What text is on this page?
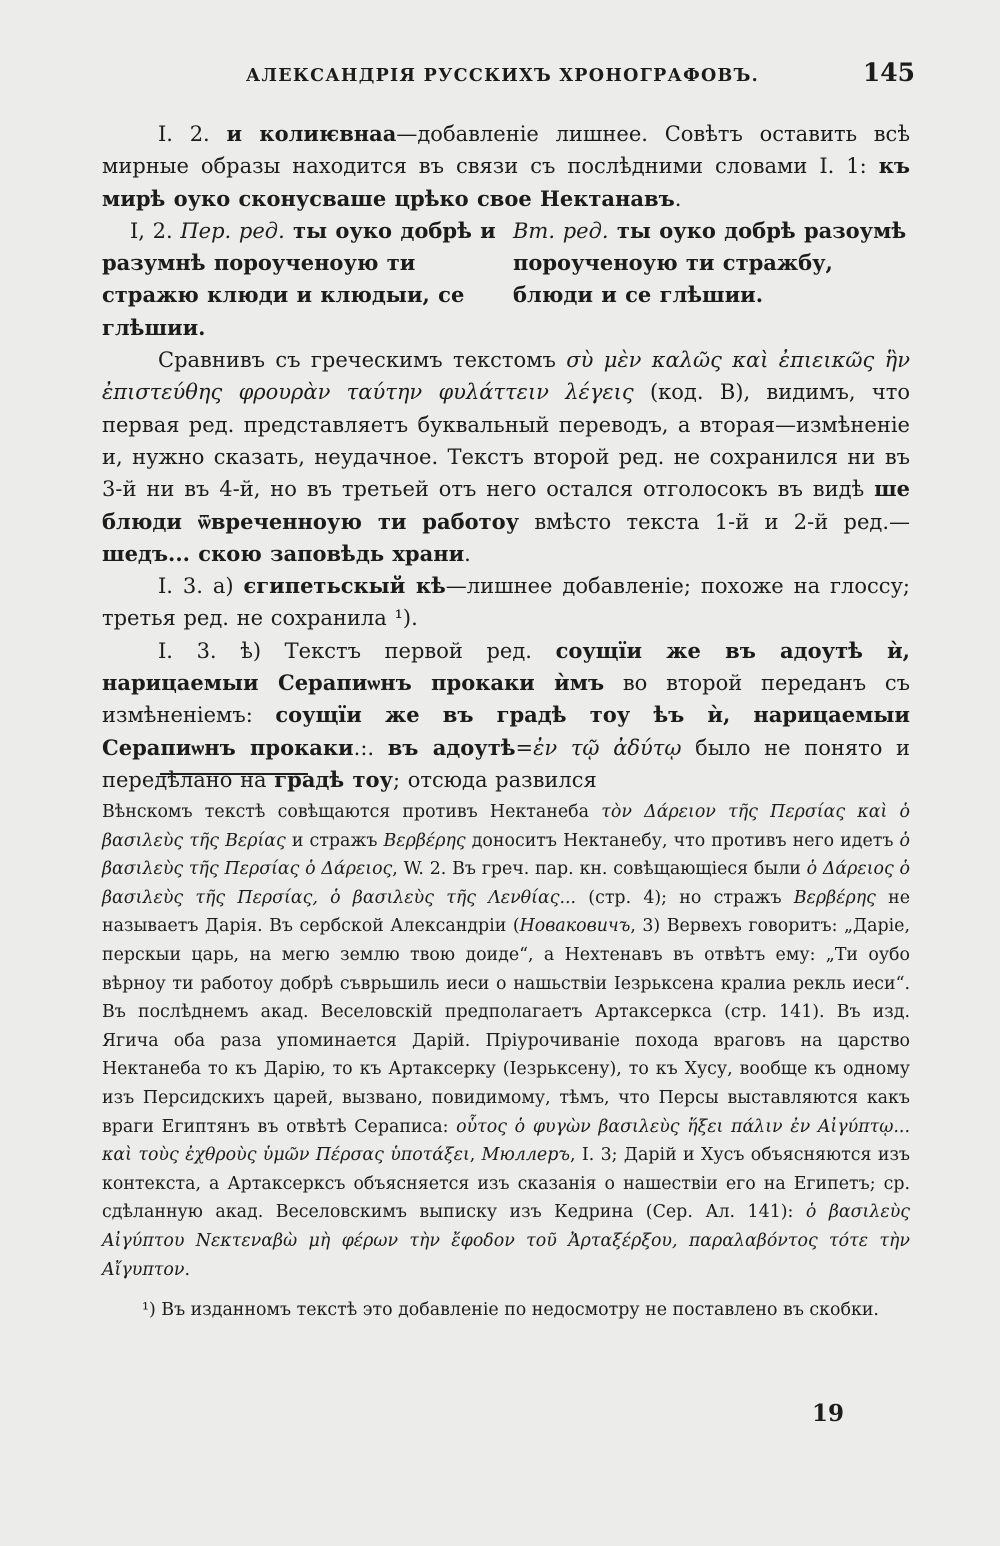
АЛЕКСАНДРІЯ РУССКИХЪ ХРОНОГРАФОВЪ.	145

I. 2. и колиѥвнаа—добавленіе лишнее. Совѣтъ оставить всѣ мирные образы находится въ связи съ послѣдними словами I. 1: къ мирѣ оуко сконусваше црѣко свое Нектанавъ.

I, 2. Пер. ред. ты оуко добрѣ и разумнѣ пороученоую ти стражю клюди и клюдыи, се глѣшии.
Вт. ред. ты оуко добрѣ разоумѣ пороученоую ти стражбу, блюди и се глѣшии.

Сравнивъ съ греческимъ текстомъ σὺ μὲν καλῶς καὶ ἐπιεικῶς ἣν ἐπιστεύθης φρουρὰν ταύτην φυλάττειν λέγεις (код. B), видимъ, что первая ред. представляетъ буквальный переводъ, а вторая—измѣненіе и, нужно сказать, неудачное. Текстъ второй ред. не сохранился ни въ 3-й ни въ 4-й, но въ третьей отъ него остался отголосокъ въ видѣ ше блюди ѿвреченноую ти работоу вмѣсто текста 1-й и 2-й ред.—шедъ... скою заповѣдь храни.

I. 3. a) єгипетьскый кѣ—лишнее добавленіе; похоже на глоссу; третья ред. не сохранила ¹).

I. 3. ѣ) Текстъ первой ред. соущїи же въ адоутѣ ѝ, нарицаемыи Серапиѡнъ прокаки ѝмъ во второй переданъ съ измѣненіемъ: соущїи же въ градѣ тоу ѣъ ѝ, нарицаемыи Серапиѡнъ прокаки.:. въ адоутѣ=ἐν τῷ ἀδύτῳ было не понято и передѣлано на градѣ тоу; отсюда развился

Вѣнскомъ текстѣ совѣщаются противъ Нектанеба τὸν Δάρειον τῆς Περσίας καὶ ὁ βασιλεὺς τῆς Βερίας и стражъ Βερβέρης доноситъ Нектанебу, что противъ него идетъ ὁ βασιλεὺς τῆς Περσίας ὁ Δάρειος, W. 2. Въ греч. пар. кн. совѣщающіеся были ὁ Δάρειος ὁ βασιλεὺς τῆς Περσίας, ὁ βασιλεὺς τῆς Λενθίας... (стр. 4); но стражъ Βερβέρης не называетъ Дарія. Въ сербской Александріи (Новаковичъ, 3) Вервехъ говоритъ: „Даріе, перскыи царь, на мегю землю твою доиде“, а Нехтенавъ въ отвѣтъ ему: „Ти оубо вѣрноу ти работоу добрѣ съврьшиль иеси о нашьствіи Іезрьксена кралиа рекль иеси“. Въ послѣднемъ акад. Веселовскій предполагаетъ Артаксеркса (стр. 141). Въ изд. Ягича оба раза упоминается Дарій. Пріурочиваніе похода враговъ на царство Нектанеба то къ Дарію, то къ Артаксерку (Іезрьксену), то къ Хусу, вообще къ одному изъ Персидскихъ царей, вызвано, повидимому, тѣмъ, что Персы выставляются какъ враги Египтянъ въ отвѣтѣ Сераписа: οὗτος ὁ φυγὼν βασιλεὺς ἥξει πάλιν ἐν Αἰγύπτῳ... καὶ τοὺς ἐχθροὺς ὑμῶν Πέρσας ὑποτάξει, Мюллеръ, I. 3; Дарій и Хусъ объясняются изъ контекста, а Артаксерксъ объясняется изъ сказанія о нашествіи его на Египетъ; ср. сдѣланную акад. Веселовскимъ выписку изъ Кедрина (Сер. Ал. 141): ὁ βασιλεὺς Αἰγύπτου Νεκτεναβὼ μὴ φέρων τὴν ἔφοδον τοῦ Ἀρταξέρξου, παραλαβόντος τότε τὴν Αἴγυπτον.

¹) Въ изданномъ текстѣ это добавленіе по недосмотру не поставлено въ скобки.

19
